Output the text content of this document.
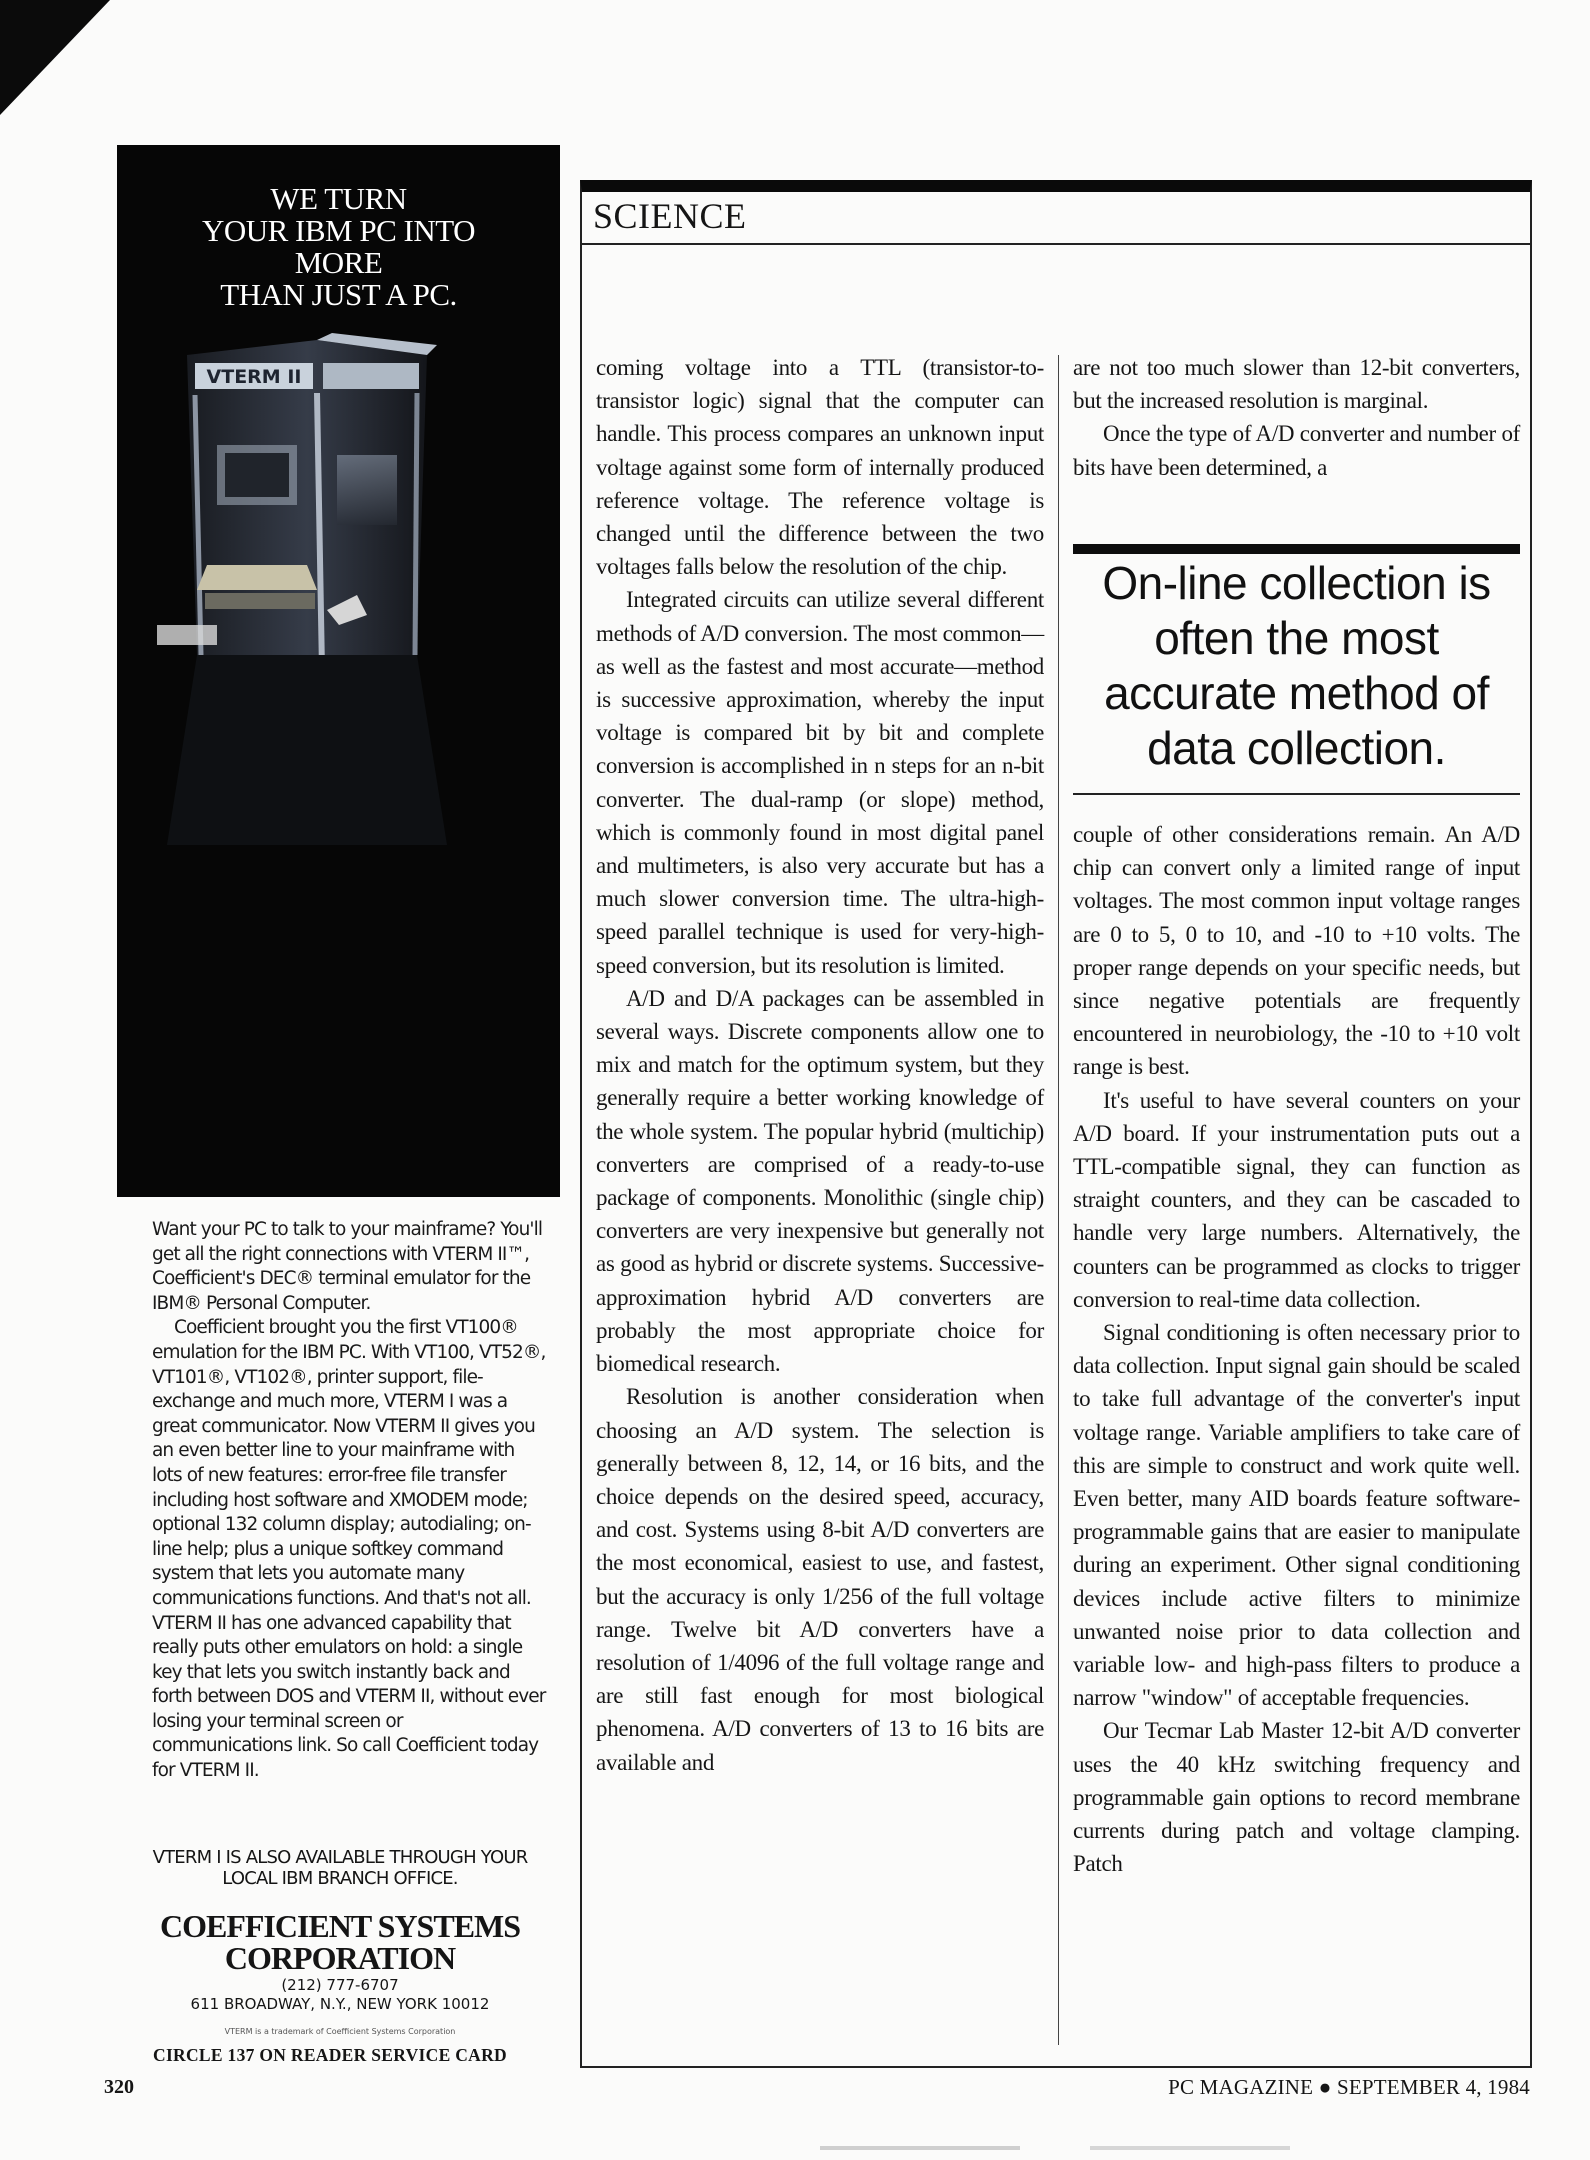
WE TURN
YOUR IBM PC INTO
MORE
THAN JUST A PC.
VTERM II

Want your PC to talk to your mainframe? You'll get all the right connections with VTERM II™, Coefficient's DEC® terminal emulator for the IBM® Personal Computer.

Coefficient brought you the first VT100® emulation for the IBM PC. With VT100, VT52®, VT101®, VT102®, printer support, file-exchange and much more, VTERM I was a great communicator. Now VTERM II gives you an even better line to your mainframe with lots of new features: error-free file transfer including host software and XMODEM mode; optional 132 column display; autodialing; on-line help; plus a unique softkey command system that lets you automate many communications functions. And that's not all. VTERM II has one advanced capability that really puts other emulators on hold: a single key that lets you switch instantly back and forth between DOS and VTERM II, without ever losing your terminal screen or communications link. So call Coefficient today for VTERM II.

VTERM I IS ALSO AVAILABLE THROUGH YOUR LOCAL IBM BRANCH OFFICE.
COEFFICIENT SYSTEMS
CORPORATION
(212) 777-6707
611 BROADWAY, N.Y., NEW YORK 10012
VTERM is a trademark of Coefficient Systems Corporation
CIRCLE 137 ON READER SERVICE CARD
SCIENCE

coming voltage into a TTL (transistor-to-transistor logic) signal that the computer can handle. This process compares an unknown input voltage against some form of internally produced reference voltage. The reference voltage is changed until the difference between the two voltages falls below the resolution of the chip.

Integrated circuits can utilize several different methods of A/D conversion. The most common—as well as the fastest and most accurate—method is successive approximation, whereby the input voltage is compared bit by bit and complete conversion is accomplished in n steps for an n-bit converter. The dual-ramp (or slope) method, which is commonly found in most digital panel and multimeters, is also very accurate but has a much slower conversion time. The ultra-high-speed parallel technique is used for very-high-speed conversion, but its resolution is limited.

A/D and D/A packages can be assembled in several ways. Discrete components allow one to mix and match for the optimum system, but they generally require a better working knowledge of the whole system. The popular hybrid (multichip) converters are comprised of a ready-to-use package of components. Monolithic (single chip) converters are very inexpensive but generally not as good as hybrid or discrete systems. Successive-approximation hybrid A/D converters are probably the most appropriate choice for biomedical research.

Resolution is another consideration when choosing an A/D system. The selection is generally between 8, 12, 14, or 16 bits, and the choice depends on the desired speed, accuracy, and cost. Systems using 8-bit A/D converters are the most economical, easiest to use, and fastest, but the accuracy is only 1/256 of the full voltage range. Twelve bit A/D converters have a resolution of 1/4096 of the full voltage range and are still fast enough for most biological phenomena. A/D converters of 13 to 16 bits are available and

are not too much slower than 12-bit converters, but the increased resolution is marginal.

Once the type of A/D converter and number of bits have been determined, a

On-line collection is often the most accurate method of data collection.

couple of other considerations remain. An A/D chip can convert only a limited range of input voltages. The most common input voltage ranges are 0 to 5, 0 to 10, and -10 to +10 volts. The proper range depends on your specific needs, but since negative potentials are frequently encountered in neurobiology, the -10 to +10 volt range is best.

It's useful to have several counters on your A/D board. If your instrumentation puts out a TTL-compatible signal, they can function as straight counters, and they can be cascaded to handle very large numbers. Alternatively, the counters can be programmed as clocks to trigger conversion to real-time data collection.

Signal conditioning is often necessary prior to data collection. Input signal gain should be scaled to take full advantage of the converter's input voltage range. Variable amplifiers to take care of this are simple to construct and work quite well. Even better, many AID boards feature software-programmable gains that are easier to manipulate during an experiment. Other signal conditioning devices include active filters to minimize unwanted noise prior to data collection and variable low- and high-pass filters to produce a narrow "window" of acceptable frequencies.

Our Tecmar Lab Master 12-bit A/D converter uses the 40 kHz switching frequency and programmable gain options to record membrane currents during patch and voltage clamping. Patch

320	PC MAGAZINE ● SEPTEMBER 4, 1984
